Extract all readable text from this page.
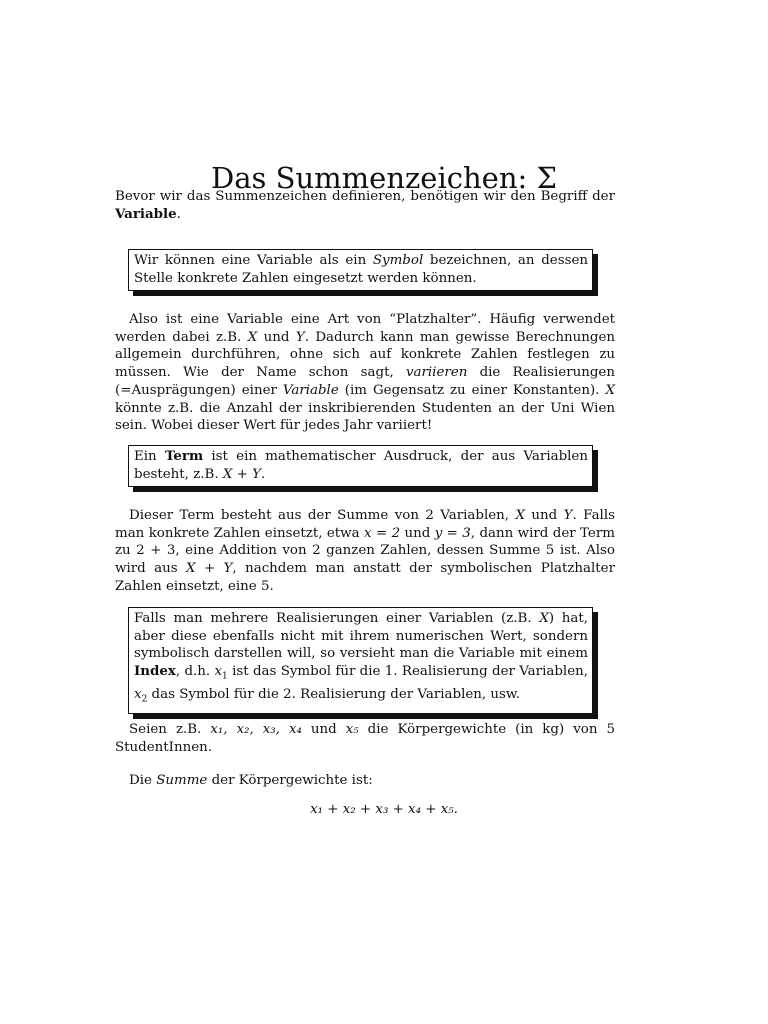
Das Summenzeichen: Σ

Bevor wir das Summenzeichen definieren, benötigen wir den Begriff der Variable.

Wir können eine Variable als ein Symbol bezeichnen, an dessen Stelle konkrete Zahlen eingesetzt werden können.

Also ist eine Variable eine Art von “Platzhalter”. Häufig verwendet werden dabei z.B. X und Y. Dadurch kann man gewisse Berechnungen allgemein durchführen, ohne sich auf konkrete Zahlen festlegen zu müssen. Wie der Name schon sagt, variieren die Realisierungen (=Ausprägungen) einer Variable (im Gegensatz zu einer Konstanten). X könnte z.B. die Anzahl der inskribierenden Studenten an der Uni Wien sein. Wobei dieser Wert für jedes Jahr variiert!

Ein Term ist ein mathematischer Ausdruck, der aus Variablen besteht, z.B. X + Y.

Dieser Term besteht aus der Summe von 2 Variablen, X und Y. Falls man konkrete Zahlen einsetzt, etwa x = 2 und y = 3, dann wird der Term zu 2 + 3, eine Addition von 2 ganzen Zahlen, dessen Summe 5 ist. Also wird aus X + Y, nachdem man anstatt der symbolischen Platzhalter Zahlen einsetzt, eine 5.

Falls man mehrere Realisierungen einer Variablen (z.B. X) hat, aber diese ebenfalls nicht mit ihrem numerischen Wert, sondern symbolisch darstellen will, so versieht man die Variable mit einem Index, d.h. $x_1$ ist das Symbol für die 1. Realisierung der Variablen, $x_2$ das Symbol für die 2. Realisierung der Variablen, usw.

Seien z.B. x₁, x₂, x₃, x₄ und x₅ die Körpergewichte (in kg) von 5 StudentInnen.

Die Summe der Körpergewichte ist:

x₁ + x₂ + x₃ + x₄ + x₅.
